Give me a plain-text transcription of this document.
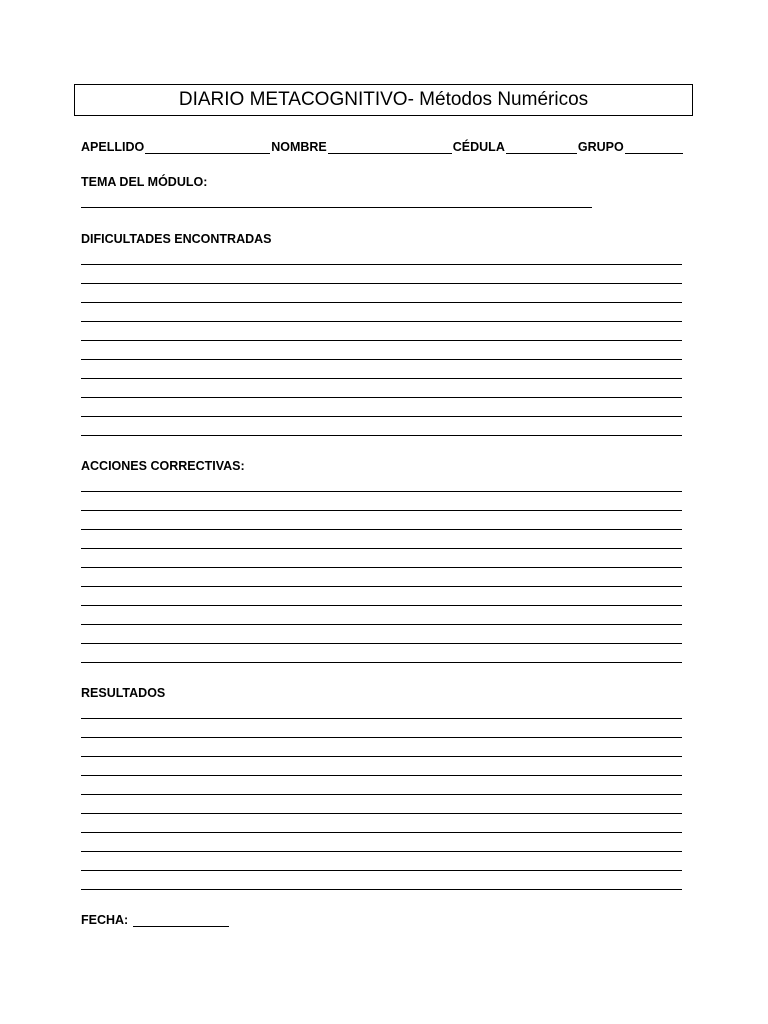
DIARIO METACOGNITIVO- Métodos Numéricos
APELLIDO	NOMBRE	CÉDULA	GRUPO
TEMA DEL MÓDULO:
DIFICULTADES ENCONTRADAS
ACCIONES CORRECTIVAS:
RESULTADOS
FECHA:
